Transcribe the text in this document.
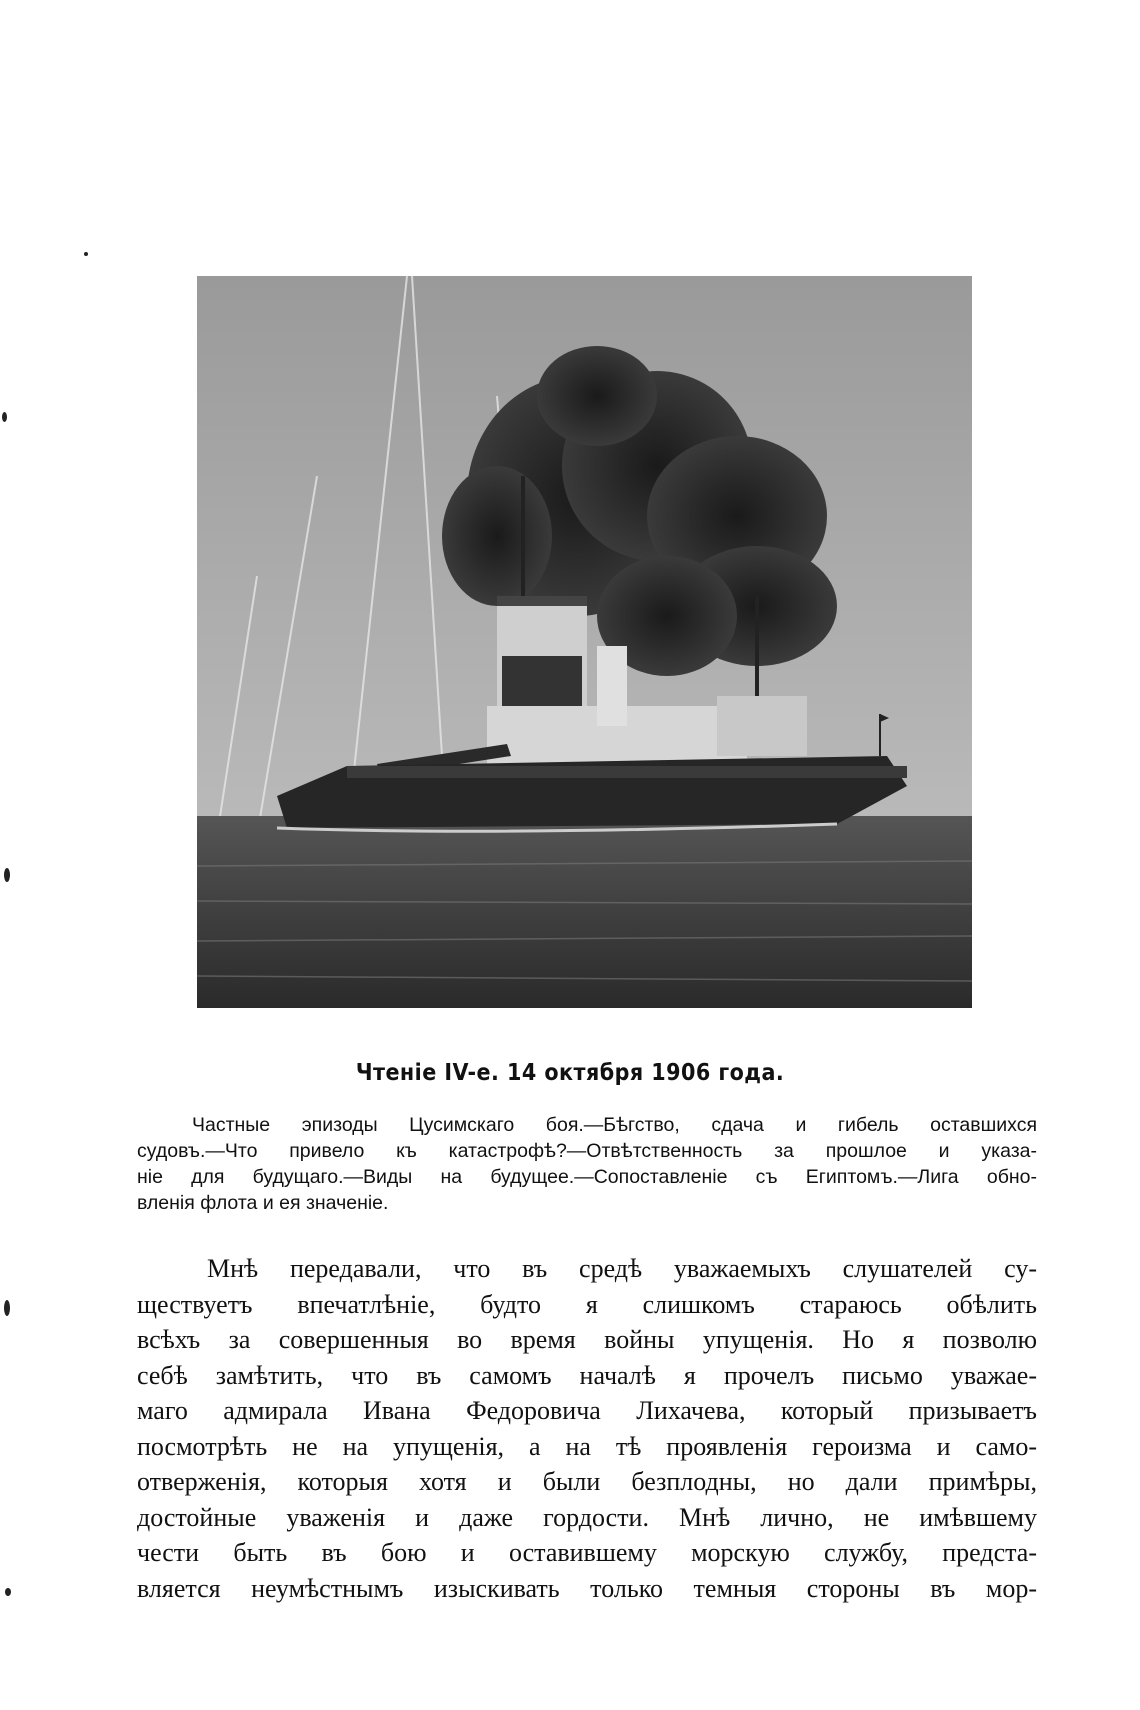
Чтеніе IV-е. 14 октября 1906 года.
Частные эпизоды Цусимскаго боя.—Бѣгство, сдача и гибель оставшихся
судовъ.—Что привело къ катастрофѣ?—Отвѣтственность за прошлое и указа-
ніе для будущаго.—Виды на будущее.—Сопоставленіе съ Египтомъ.—Лига обно-
вленія флота и ея значеніе.
Мнѣ передавали, что въ средѣ уважаемыхъ слушателей су-
ществуетъ впечатлѣніе, будто я слишкомъ стараюсь обѣлить
всѣхъ за совершенныя во время войны упущенія. Но я позволю
себѣ замѣтить, что въ самомъ началѣ я прочелъ письмо уважае-
маго адмирала Ивана Федоровича Лихачева, который призываетъ
посмотрѣть не на упущенія, а на тѣ проявленія героизма и само-
отверженія, которыя хотя и были безплодны, но дали примѣры,
достойные уваженія и даже гордости. Мнѣ лично, не имѣвшему
чести быть въ бою и оставившему морскую службу, предста-
вляется неумѣстнымъ изыскивать только темныя стороны въ мор-
